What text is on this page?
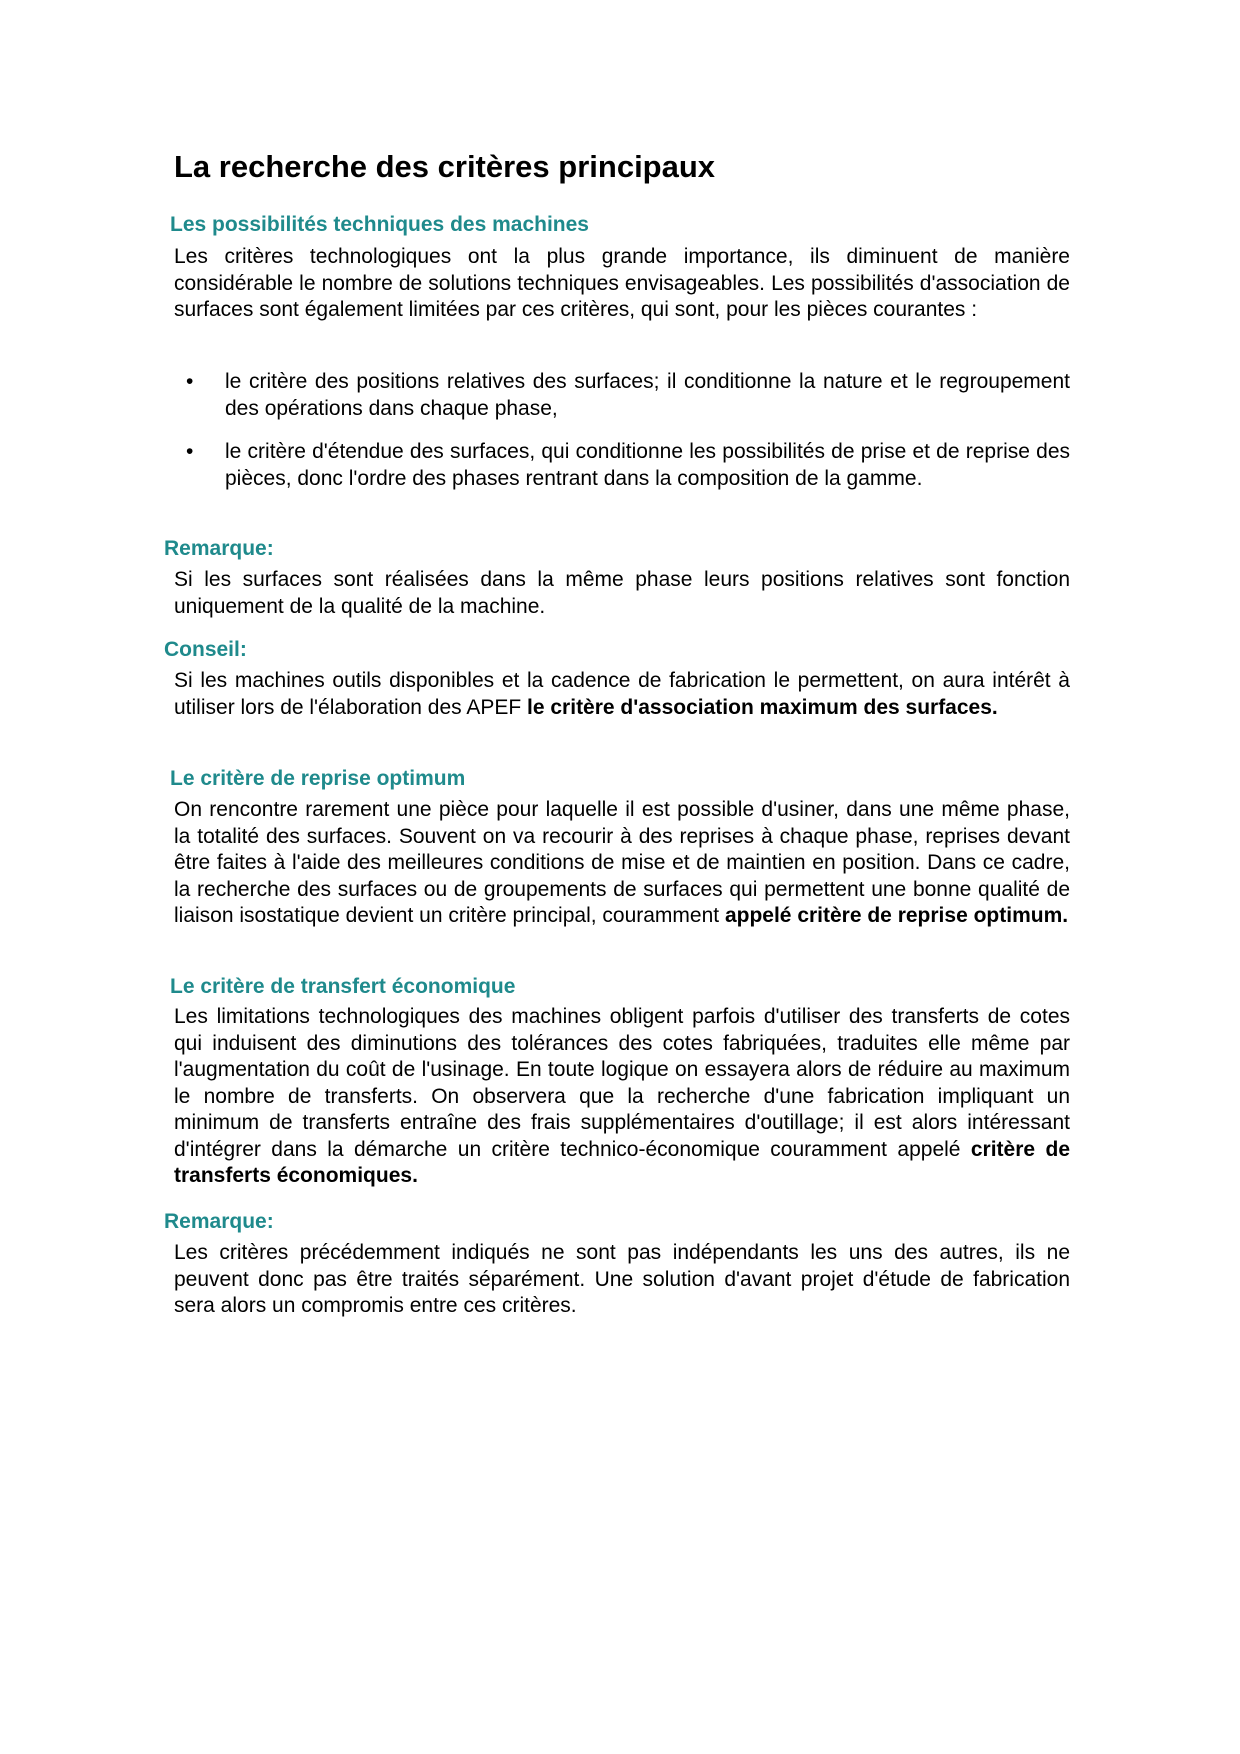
La recherche des critères principaux
Les possibilités techniques des machines

Les critères technologiques ont la plus grande importance, ils diminuent de manière considérable le nombre de solutions techniques envisageables. Les possibilités d'association de surfaces sont également limitées par ces critères, qui sont, pour les pièces courantes :

•	le critère des positions relatives des surfaces; il conditionne la nature et le regroupement des opérations dans chaque phase,
•	le critère d'étendue des surfaces, qui conditionne les possibilités de prise et de reprise des pièces, donc l'ordre des phases rentrant dans la composition de la gamme.
Remarque:

Si les surfaces sont réalisées dans la même phase leurs positions relatives sont fonction uniquement de la qualité de la machine.

Conseil:

Si les machines outils disponibles et la cadence de fabrication le permettent, on aura intérêt à utiliser lors de l'élaboration des APEF le critère d'association maximum des surfaces.

Le critère de reprise optimum

On rencontre rarement une pièce pour laquelle il est possible d'usiner, dans une même phase, la totalité des surfaces. Souvent on va recourir à des reprises à chaque phase, reprises devant être faites à l'aide des meilleures conditions de mise et de maintien en position. Dans ce cadre, la recherche des surfaces ou de groupements de surfaces qui permettent une bonne qualité de liaison isostatique devient un critère principal, couramment appelé critère de reprise optimum.

Le critère de transfert économique

Les limitations technologiques des machines obligent parfois d'utiliser des transferts de cotes qui induisent des diminutions des tolérances des cotes fabriquées, traduites elle même par l'augmentation du coût de l'usinage. En toute logique on essayera alors de réduire au maximum le nombre de transferts. On observera que la recherche d'une fabrication impliquant un minimum de transferts entraîne des frais supplémentaires d'outillage; il est alors intéressant d'intégrer dans la démarche un critère technico-économique couramment appelé critère de transferts économiques.

Remarque:

Les critères précédemment indiqués ne sont pas indépendants les uns des autres, ils ne peuvent donc pas être traités séparément. Une solution d'avant projet d'étude de fabrication sera alors un compromis entre ces critères.
